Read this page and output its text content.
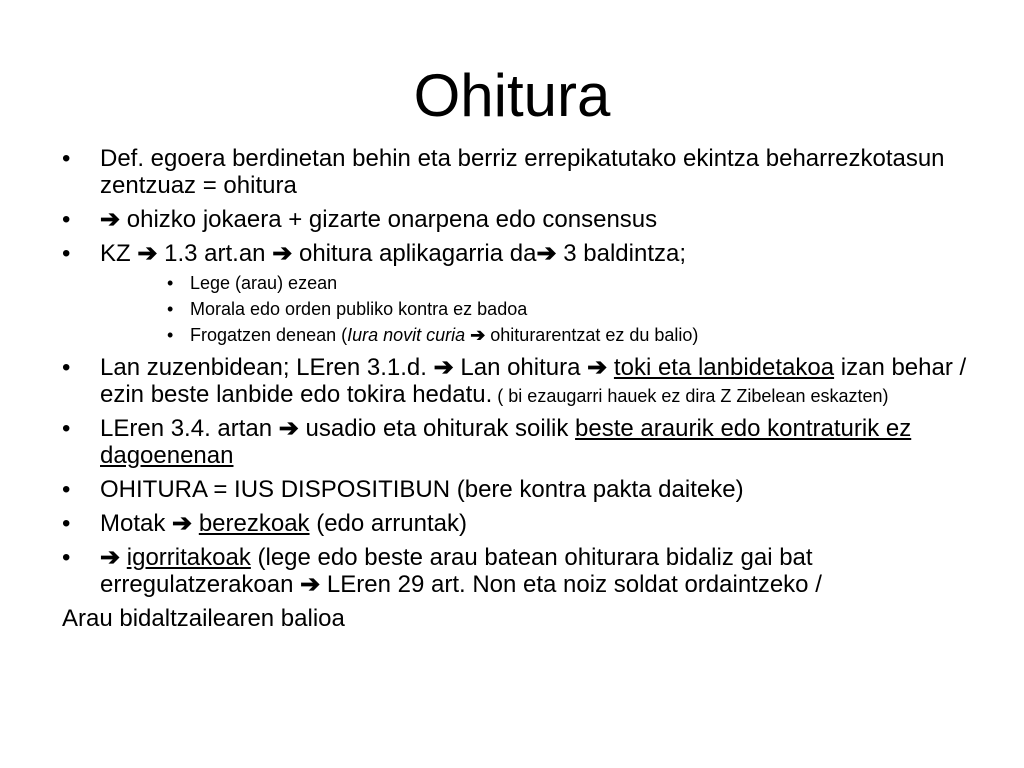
Ohitura
• Def. egoera berdinetan behin eta berriz errepikatutako ekintza beharrezkotasun zentzuaz = ohitura
• ➔ ohizko jokaera + gizarte onarpena edo consensus
• KZ ➔ 1.3 art.an ➔ ohitura aplikagarria da➔ 3 baldintza;
• Lege (arau) ezean
• Morala edo orden publiko kontra ez badoa
• Frogatzen denean (Iura novit curia ➔ ohiturarentzat ez du balio)
• Lan zuzenbidean; LEren 3.1.d. ➔ Lan ohitura ➔ toki eta lanbidetakoa izan behar / ezin beste lanbide edo tokira hedatu. ( bi ezaugarri hauek ez dira Z Zibelean eskazten)
• LEren 3.4. artan ➔ usadio eta ohiturak soilik beste araurik edo kontraturik ez dagoenenan
• OHITURA = IUS DISPOSITIBUN (bere kontra pakta daiteke)
• Motak ➔ berezkoak (edo arruntak)
• ➔ igorritakoak (lege edo beste arau batean ohiturara bidaliz gai bat erregulatzerakoan ➔ LEren 29 art. Non eta noiz soldat ordaintzeko /
Arau bidaltzailearen balioa
